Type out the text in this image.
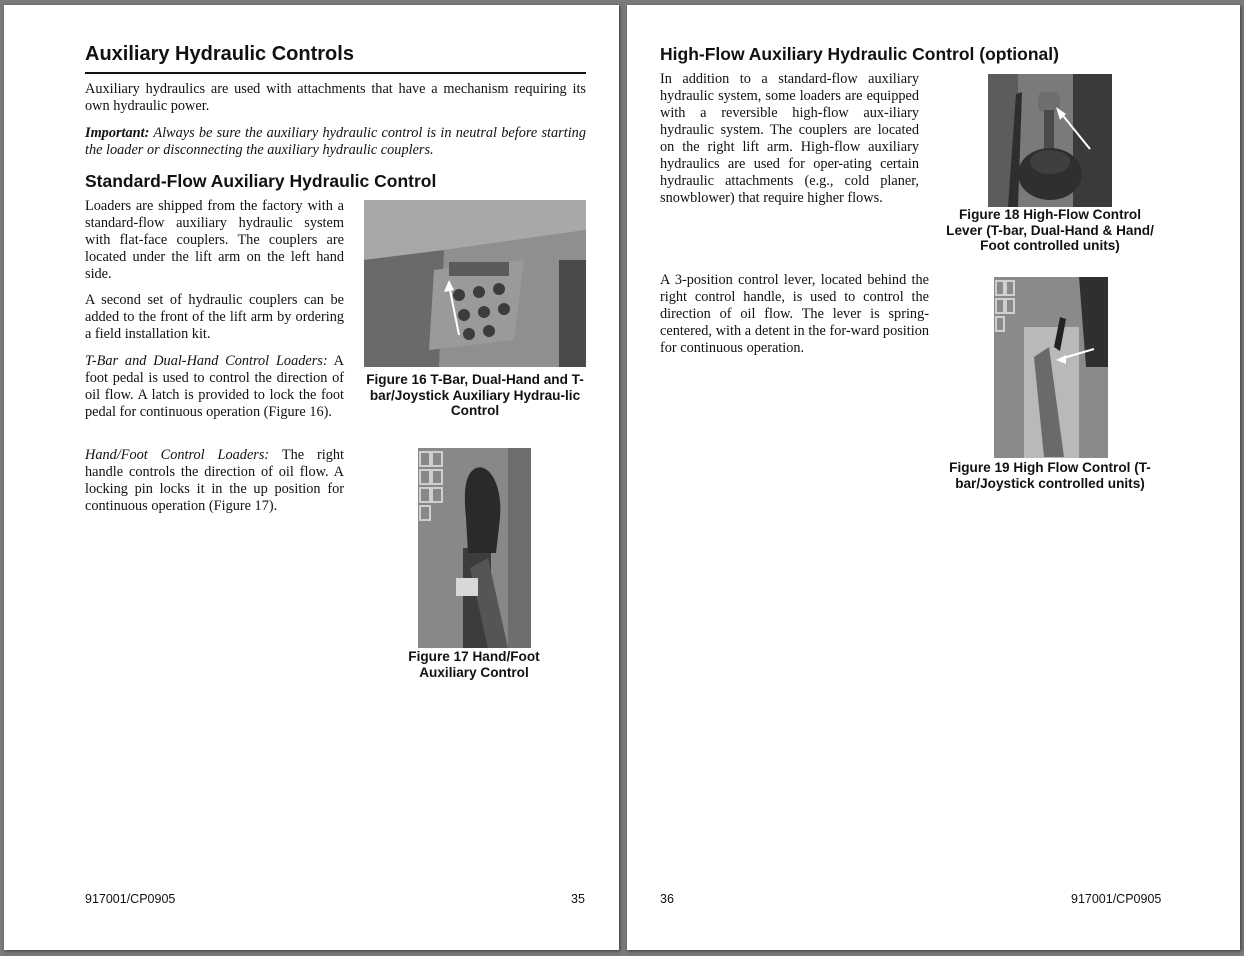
Auxiliary Hydraulic Controls
Auxiliary hydraulics are used with attachments that have a mechanism requiring its own hydraulic power.
Important: Always be sure the auxiliary hydraulic control is in neutral before starting the loader or disconnecting the auxiliary hydraulic couplers.
Standard-Flow Auxiliary Hydraulic Control
Loaders are shipped from the factory with a standard-flow auxiliary hydraulic system with flat-face couplers. The couplers are located under the lift arm on the left hand side.
A second set of hydraulic couplers can be added to the front of the lift arm by ordering a field installation kit.
T-Bar and Dual-Hand Control Loaders: A foot pedal is used to control the direction of oil flow. A latch is provided to lock the foot pedal for continuous operation (Figure 16).
Hand/Foot Control Loaders: The right handle controls the direction of oil flow. A locking pin locks it in the up position for continuous operation (Figure 17).
Figure 16 T-Bar, Dual-Hand and T-bar/Joystick Auxiliary Hydrau-lic Control
Figure 17 Hand/Foot Auxiliary Control
917001/CP0905	35
High-Flow Auxiliary Hydraulic Control (optional)
In addition to a standard-flow auxiliary hydraulic system, some loaders are equipped with a reversible high-flow aux-iliary hydraulic system. The couplers are located on the right lift arm. High-flow auxiliary hydraulics are used for oper-ating certain hydraulic attachments (e.g., cold planer, snowblower) that require higher flows.
A 3-position control lever, located behind the right control handle, is used to control the direction of oil flow. The lever is spring-centered, with a detent in the for-ward position for continuous operation.
Figure 18 High-Flow Control Lever (T-bar, Dual-Hand & Hand/ Foot controlled units)
Figure 19 High Flow Control (T-bar/Joystick controlled units)
36	917001/CP0905
